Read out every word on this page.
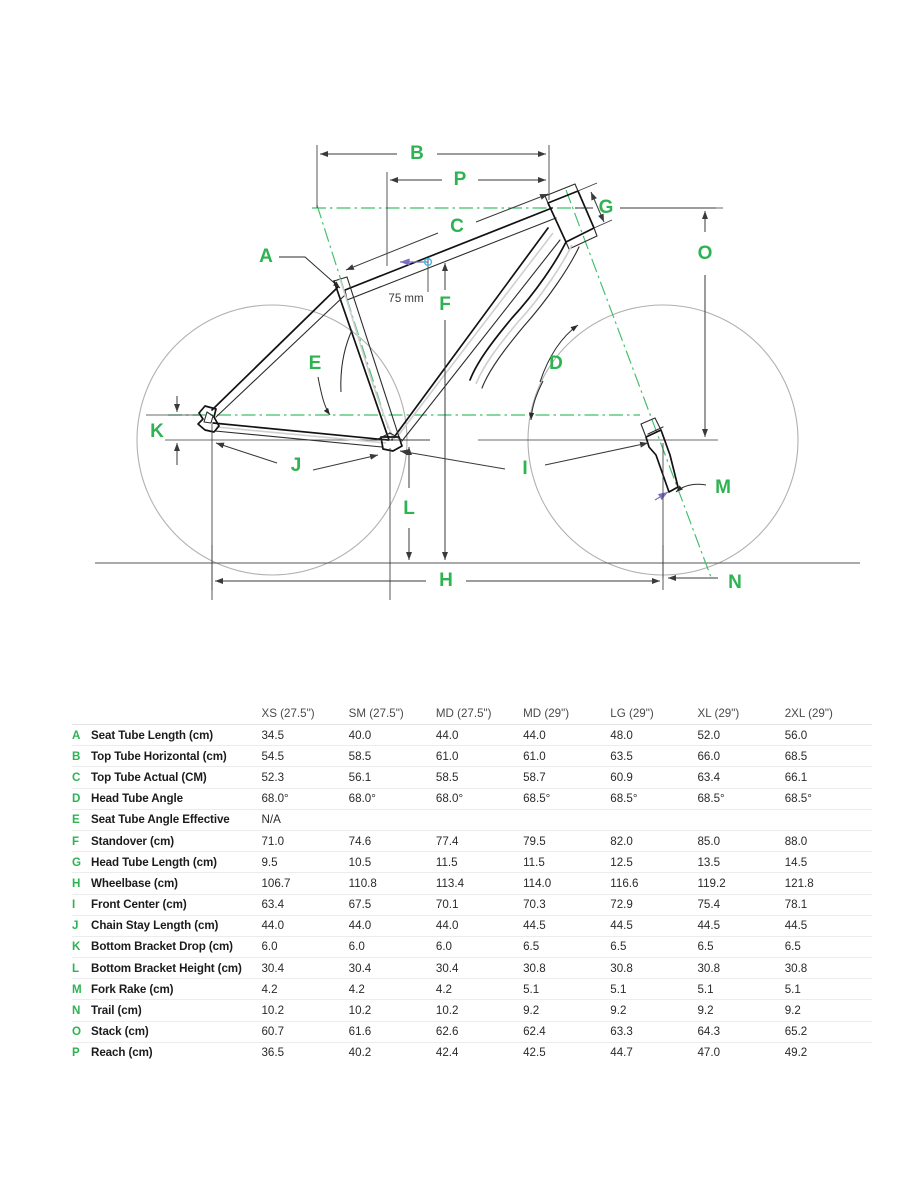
75 mm
A
B
C
D
E
F
G
H
I
J
K
L
M
N
O
P
		XS (27.5")	SM (27.5")	MD (27.5")	MD (29")	LG (29")	XL (29")	2XL (29")
A	Seat Tube Length (cm)	34.5	40.0	44.0	44.0	48.0	52.0	56.0
B	Top Tube Horizontal (cm)	54.5	58.5	61.0	61.0	63.5	66.0	68.5
C	Top Tube Actual (CM)	52.3	56.1	58.5	58.7	60.9	63.4	66.1
D	Head Tube Angle	68.0°	68.0°	68.0°	68.5°	68.5°	68.5°	68.5°
E	Seat Tube Angle Effective	N/A						
F	Standover (cm)	71.0	74.6	77.4	79.5	82.0	85.0	88.0
G	Head Tube Length (cm)	9.5	10.5	11.5	11.5	12.5	13.5	14.5
H	Wheelbase (cm)	106.7	110.8	113.4	114.0	116.6	119.2	121.8
I	Front Center (cm)	63.4	67.5	70.1	70.3	72.9	75.4	78.1
J	Chain Stay Length (cm)	44.0	44.0	44.0	44.5	44.5	44.5	44.5
K	Bottom Bracket Drop (cm)	6.0	6.0	6.0	6.5	6.5	6.5	6.5
L	Bottom Bracket Height (cm)	30.4	30.4	30.4	30.8	30.8	30.8	30.8
M	Fork Rake (cm)	4.2	4.2	4.2	5.1	5.1	5.1	5.1
N	Trail (cm)	10.2	10.2	10.2	9.2	9.2	9.2	9.2
O	Stack (cm)	60.7	61.6	62.6	62.4	63.3	64.3	65.2
P	Reach (cm)	36.5	40.2	42.4	42.5	44.7	47.0	49.2
